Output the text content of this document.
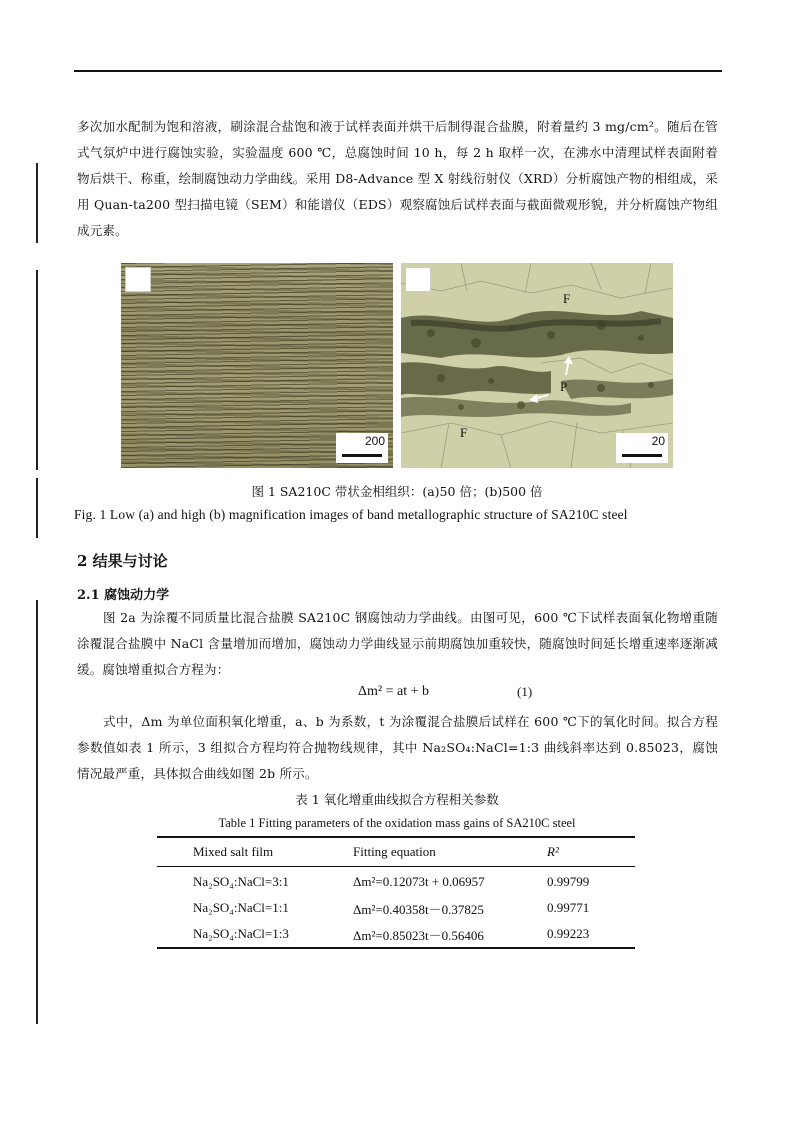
多次加水配制为饱和溶液，刷涂混合盐饱和液于试样表面并烘干后制得混合盐膜，附着量约 3 mg/cm²。随后在管式气氛炉中进行腐蚀实验，实验温度 600 ℃，总腐蚀时间 10 h，每 2 h 取样一次，在沸水中清理试样表面附着物后烘干、称重，绘制腐蚀动力学曲线。采用 D8-Advance 型 X 射线衍射仪（XRD）分析腐蚀产物的相组成，采用 Quan-ta200 型扫描电镜（SEM）和能谱仪（EDS）观察腐蚀后试样表面与截面微观形貌，并分析腐蚀产物组成元素。

200
F
P
F
20
图 1 SA210C 带状金相组织：(a)50 倍；(b)500 倍
Fig. 1 Low (a) and high (b) magnification images of band metallographic structure of SA210C steel
2 结果与讨论
2.1 腐蚀动力学

图 2a 为涂覆不同质量比混合盐膜 SA210C 钢腐蚀动力学曲线。由图可见，600 ℃下试样表面氧化物增重随涂覆混合盐膜中 NaCl 含量增加而增加，腐蚀动力学曲线显示前期腐蚀加重较快，随腐蚀时间延长增重速率逐渐减缓。腐蚀增重拟合方程为：

Δm² = at + b	(1)

式中，Δm 为单位面积氧化增重，a、b 为系数，t 为涂覆混合盐膜后试样在 600 ℃下的氧化时间。拟合方程参数值如表 1 所示，3 组拟合方程均符合抛物线规律，其中 Na₂SO₄:NaCl=1:3 曲线斜率达到 0.85023，腐蚀情况最严重，具体拟合曲线如图 2b 所示。

表 1 氧化增重曲线拟合方程相关参数
Table 1 Fitting parameters of the oxidation mass gains of SA210C steel
Mixed salt film	Fitting equation	R²
Na₂SO₄:NaCl=3:1	Δm²=0.12073t + 0.06957	0.99799
Na₂SO₄:NaCl=1:1	Δm²=0.40358t－0.37825	0.99771
Na₂SO₄:NaCl=1:3	Δm²=0.85023t－0.56406	0.99223
